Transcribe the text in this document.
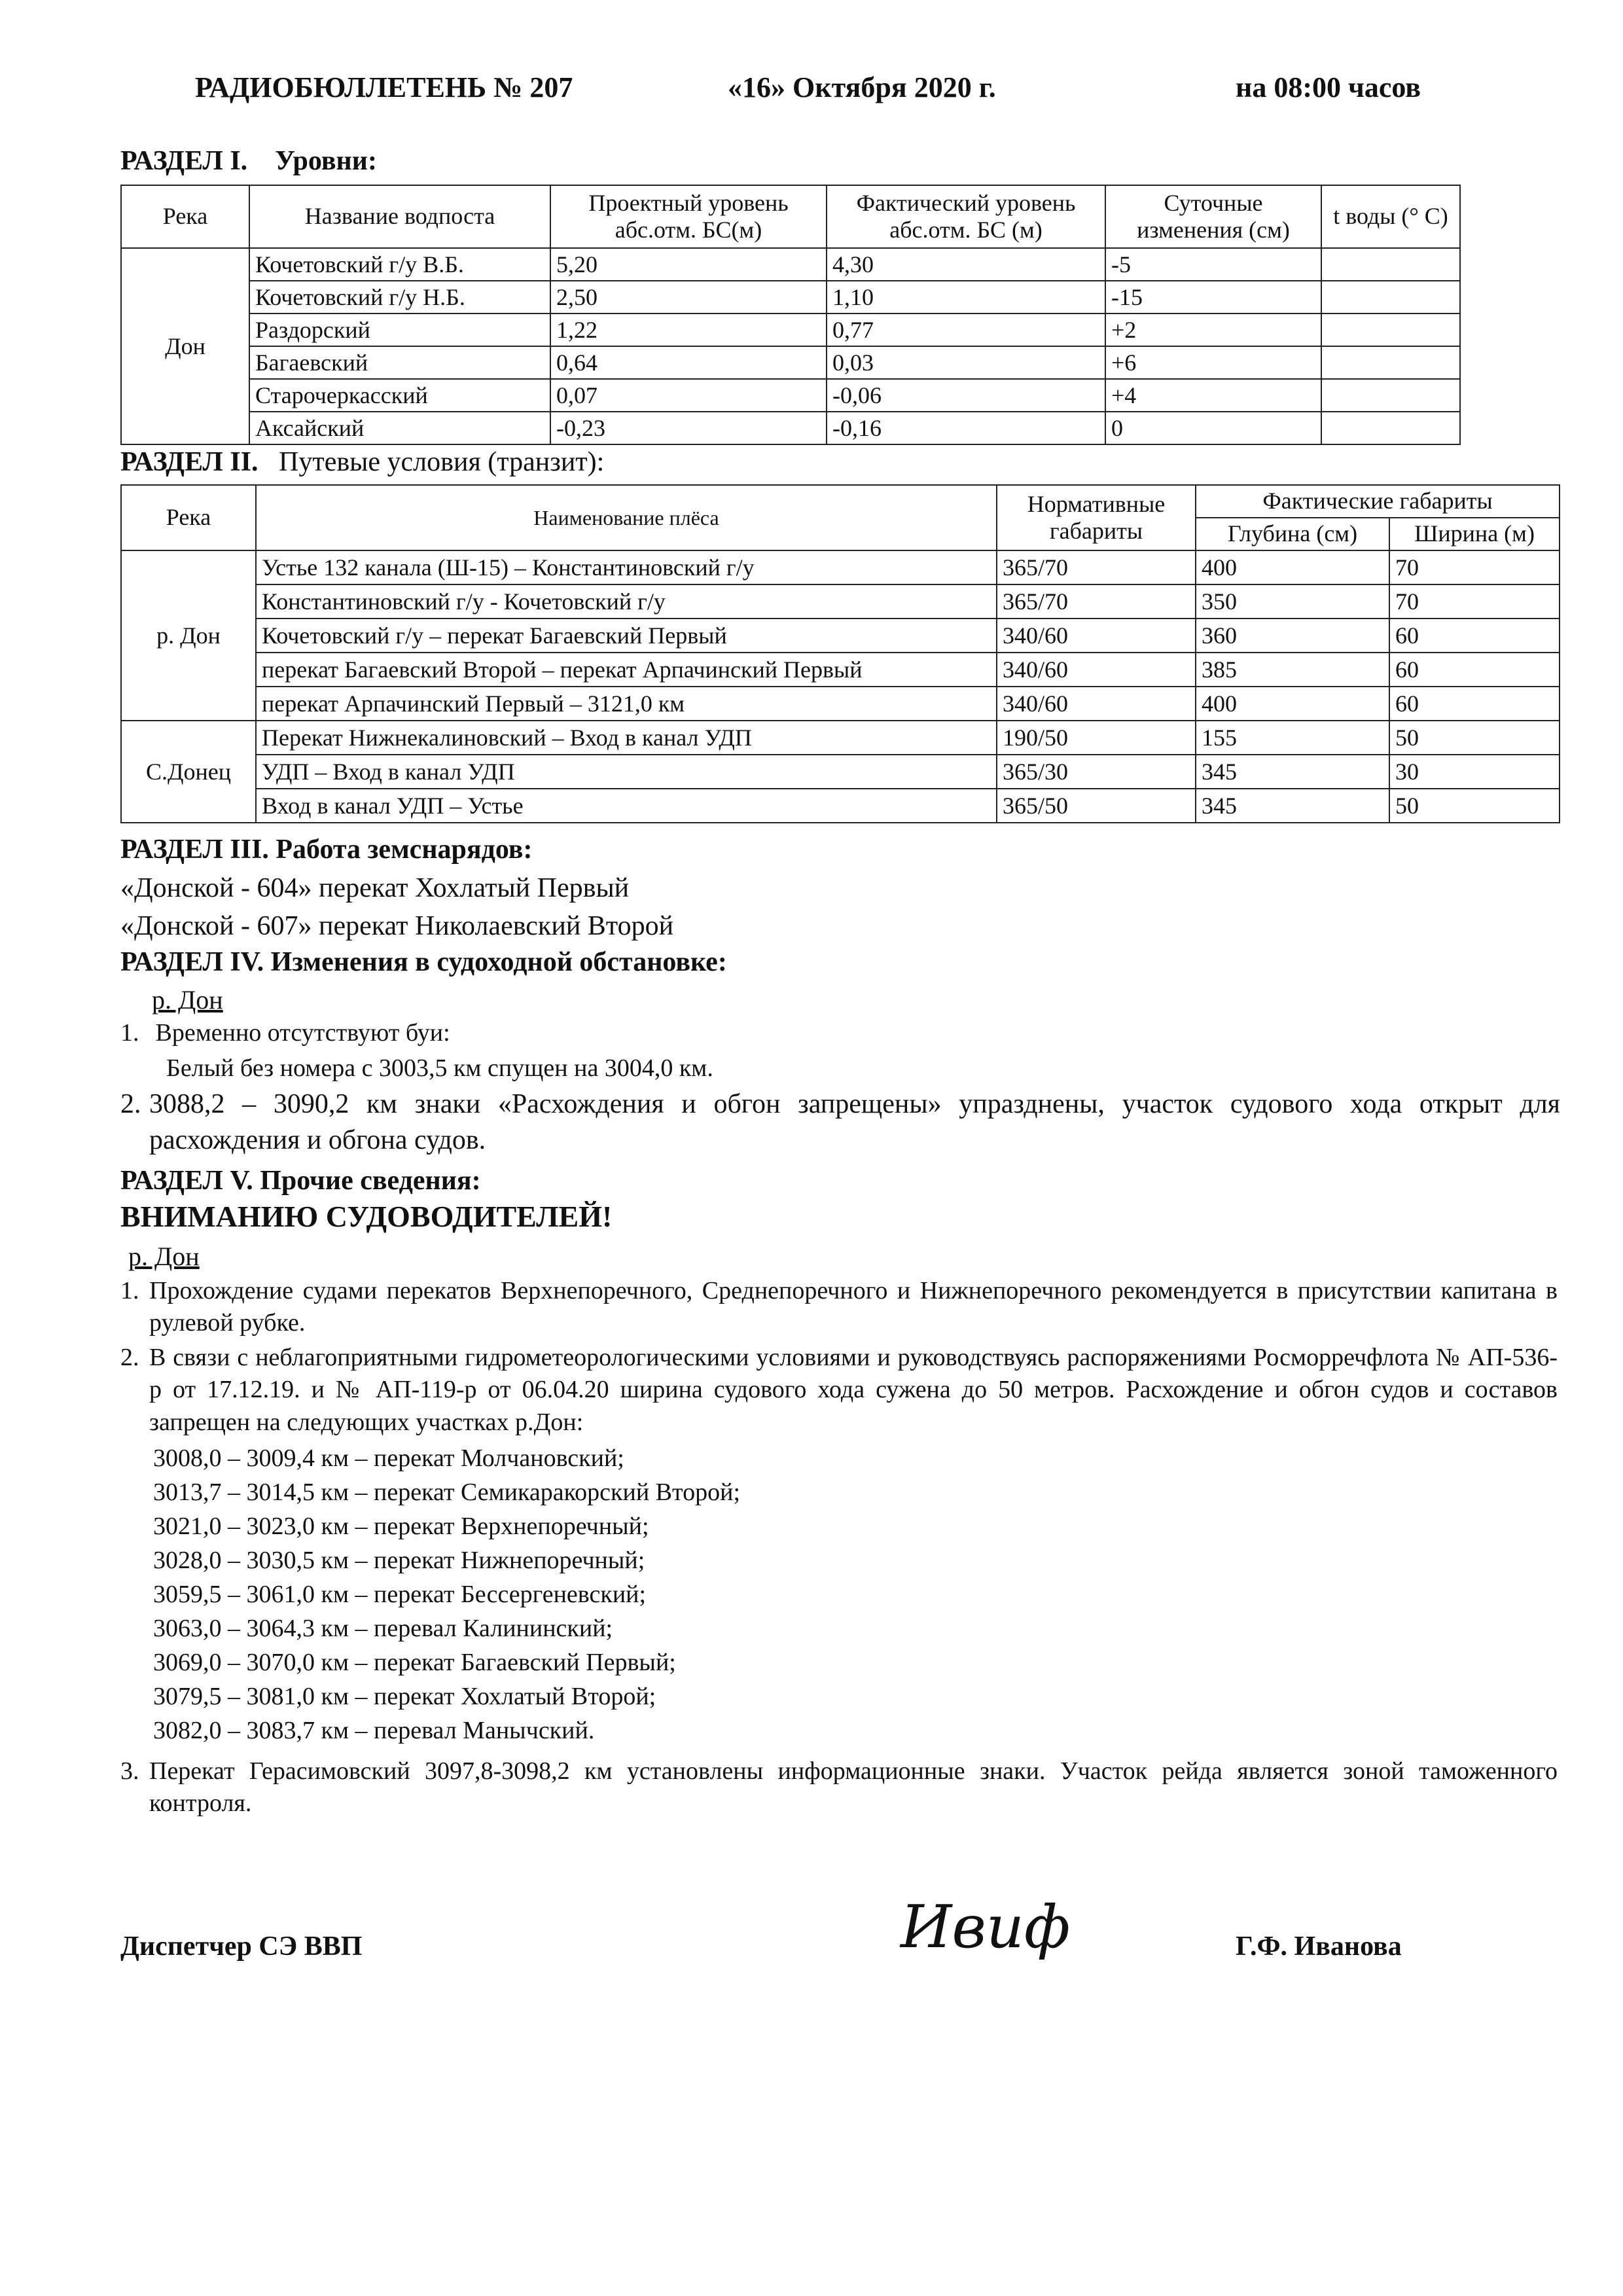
РАДИОБЮЛЛЕТЕНЬ № 207	«16» Октября 2020 г.	на 08:00 часов
РАЗДЕЛ I. Уровни:
Река	Название водпоста	Проектный уровень абс.отм. БС(м)	Фактический уровень абс.отм. БС (м)	Суточные изменения (см)	t воды (° С)
Дон	Кочетовский г/у В.Б.	5,20	4,30	-5	
	Кочетовский г/у Н.Б.	2,50	1,10	-15	
	Раздорский	1,22	0,77	+2	
	Багаевский	0,64	0,03	+6	
	Старочеркасский	0,07	-0,06	+4	
	Аксайский	-0,23	-0,16	0	
РАЗДЕЛ II. Путевые условия (транзит):
Река	Наименование плёса	Нормативные габариты	Фактические габариты	
			Глубина (см)	Ширина (м)
р. Дон	Устье 132 канала (Ш-15) – Константиновский г/у	365/70	400	70
	Константиновский г/у - Кочетовский г/у	365/70	350	70
	Кочетовский г/у – перекат Багаевский Первый	340/60	360	60
	перекат Багаевский Второй – перекат Арпачинский Первый	340/60	385	60
	перекат Арпачинский Первый – 3121,0 км	340/60	400	60
С.Донец	Перекат Нижнекалиновский – Вход в канал УДП	190/50	155	50
	УДП – Вход в канал УДП	365/30	345	30
	Вход в канал УДП – Устье	365/50	345	50
РАЗДЕЛ III. Работа земснарядов:
«Донской - 604» перекат Хохлатый Первый
«Донской - 607» перекат Николаевский Второй
РАЗДЕЛ IV. Изменения в судоходной обстановке:
р. Дон
1. Временно отсутствуют буи:
Белый без номера с 3003,5 км спущен на 3004,0 км.
2. 3088,2 – 3090,2 км знаки «Расхождения и обгон запрещены» упразднены, участок судового хода открыт для расхождения и обгона судов.
РАЗДЕЛ V. Прочие сведения:
ВНИМАНИЮ СУДОВОДИТЕЛЕЙ!
р. Дон
1. Прохождение судами перекатов Верхнепоречного, Среднепоречного и Нижнепоречного рекомендуется в присутствии капитана в рулевой рубке.
2. В связи с неблагоприятными гидрометеорологическими условиями и руководствуясь распоряжениями Росморречфлота № АП-536-р от 17.12.19. и № АП-119-р от 06.04.20 ширина судового хода сужена до 50 метров. Расхождение и обгон судов и составов запрещен на следующих участках р.Дон:
3008,0 – 3009,4 км – перекат Молчановский;
3013,7 – 3014,5 км – перекат Семикаракорский Второй;
3021,0 – 3023,0 км – перекат Верхнепоречный;
3028,0 – 3030,5 км – перекат Нижнепоречный;
3059,5 – 3061,0 км – перекат Бессергеневский;
3063,0 – 3064,3 км – перевал Калининский;
3069,0 – 3070,0 км – перекат Багаевский Первый;
3079,5 – 3081,0 км – перекат Хохлатый Второй;
3082,0 – 3083,7 км – перевал Манычский.
3. Перекат Герасимовский 3097,8-3098,2 км установлены информационные знаки. Участок рейда является зоной таможенного контроля.
Диспетчер СЭ ВВП	Ивиф	Г.Ф. Иванова
